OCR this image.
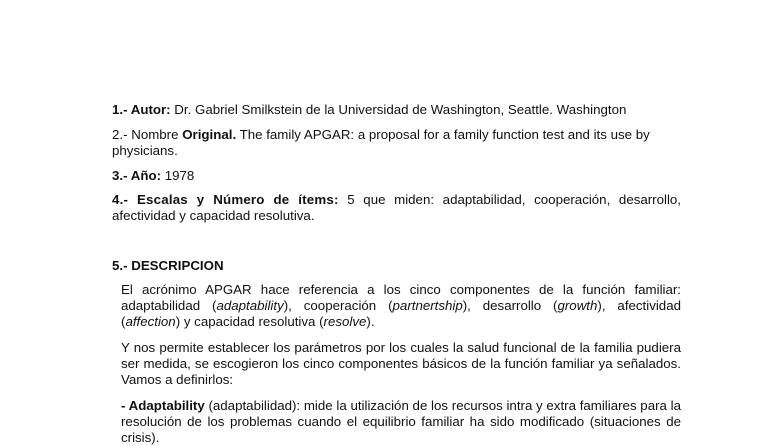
1.- Autor: Dr. Gabriel Smilkstein de la Universidad de Washington, Seattle. Washington

2.- Nombre Original. The family APGAR: a proposal for a family function test and its use by physicians.

3.- Año: 1978

4.- Escalas y Número de ítems: 5 que miden: adaptabilidad, cooperación, desarrollo, afectividad y capacidad resolutiva.

5.- DESCRIPCION

El acrónimo APGAR hace referencia a los cinco componentes de la función familiar: adaptabilidad (adaptability), cooperación (partnertship), desarrollo (growth), afectividad (affection) y capacidad resolutiva (resolve).

Y nos permite establecer los parámetros por los cuales la salud funcional de la familia pudiera ser medida, se escogieron los cinco componentes básicos de la función familiar ya señalados. Vamos a definirlos:

- Adaptability (adaptabilidad): mide la utilización de los recursos intra y extra familiares para la resolución de los problemas cuando el equilibrio familiar ha sido modificado (situaciones de crisis).
